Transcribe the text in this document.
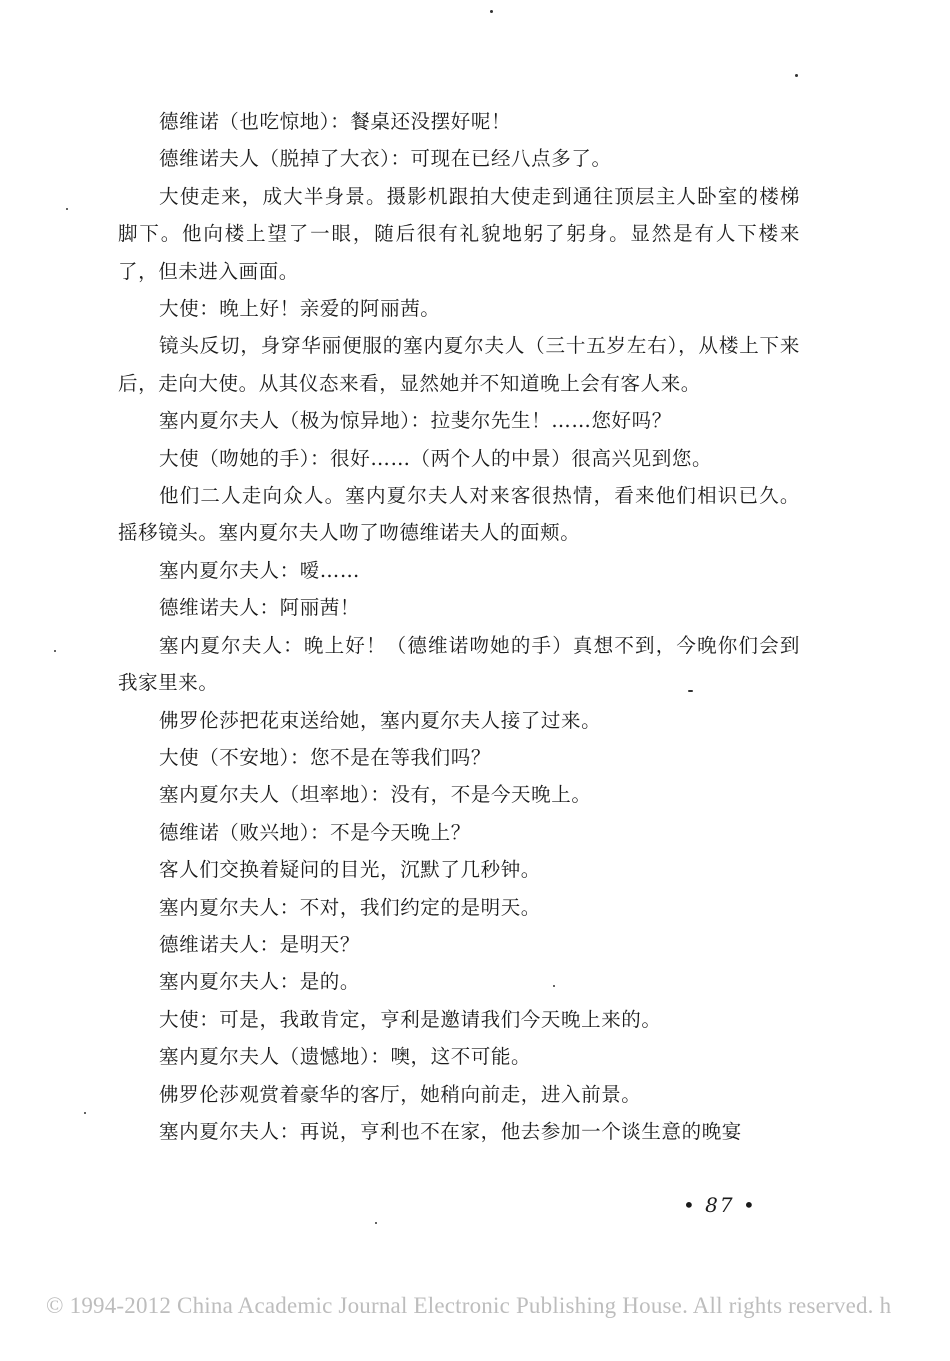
德维诺（也吃惊地）：餐桌还没摆好呢！

德维诺夫人（脱掉了大衣）：可现在已经八点多了。

大使走来，成大半身景。摄影机跟拍大使走到通往顶层主人卧室的楼梯脚下。他向楼上望了一眼，随后很有礼貌地躬了躬身。显然是有人下楼来了，但未进入画面。

大使：晚上好！亲爱的阿丽茜。

镜头反切，身穿华丽便服的塞内夏尔夫人（三十五岁左右），从楼上下来后，走向大使。从其仪态来看，显然她并不知道晚上会有客人来。

塞内夏尔夫人（极为惊异地）：拉斐尔先生！……您好吗？

大使（吻她的手）：很好……（两个人的中景）很高兴见到您。

他们二人走向众人。塞内夏尔夫人对来客很热情，看来他们相识已久。摇移镜头。塞内夏尔夫人吻了吻德维诺夫人的面颊。

塞内夏尔夫人：嗳……

德维诺夫人：阿丽茜！

塞内夏尔夫人：晚上好！（德维诺吻她的手）真想不到，今晚你们会到我家里来。

佛罗伦莎把花束送给她，塞内夏尔夫人接了过来。

大使（不安地）：您不是在等我们吗？

塞内夏尔夫人（坦率地）：没有，不是今天晚上。

德维诺（败兴地）：不是今天晚上？

客人们交换着疑问的目光，沉默了几秒钟。

塞内夏尔夫人：不对，我们约定的是明天。

德维诺夫人：是明天？

塞内夏尔夫人：是的。

大使：可是，我敢肯定，亨利是邀请我们今天晚上来的。

塞内夏尔夫人（遗憾地）：噢，这不可能。

佛罗伦莎观赏着豪华的客厅，她稍向前走，进入前景。

塞内夏尔夫人：再说，亨利也不在家，他去参加一个谈生意的晚宴

• 87 •
© 1994-2012 China Academic Journal Electronic Publishing House. All rights reserved. h
